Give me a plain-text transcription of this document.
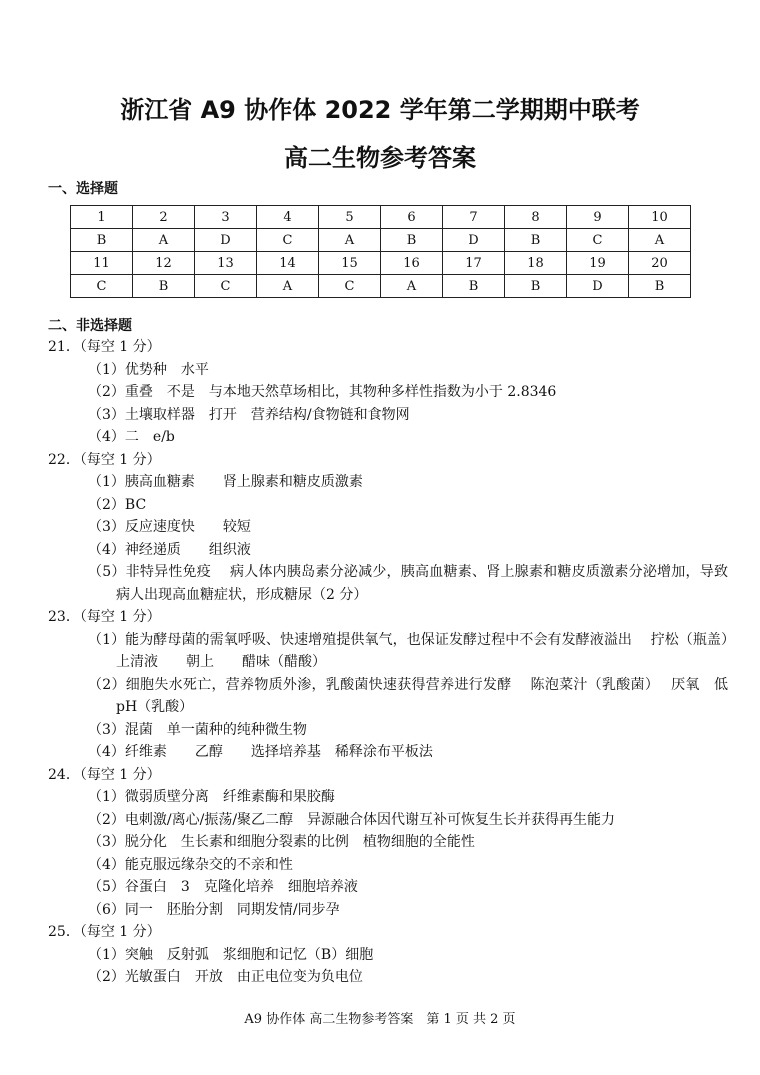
浙江省 A9 协作体 2022 学年第二学期期中联考
高二生物参考答案
一、选择题
1	2	3	4	5	6	7	8	9	10
B	A	D	C	A	B	D	B	C	A
11	12	13	14	15	16	17	18	19	20
C	B	C	A	C	A	B	B	D	B
二、非选择题
21．（每空 1 分）
（1）优势种　水平
（2）重叠　不是　与本地天然草场相比，其物种多样性指数为小于 2.8346
（3）土壤取样器　打开　营养结构/食物链和食物网
（4）二　e/b
22．（每空 1 分）
（1）胰高血糖素　　肾上腺素和糖皮质激素
（2）BC
（3）反应速度快　　较短
（4）神经递质　　组织液
（5）非特异性免疫　 病人体内胰岛素分泌减少，胰高血糖素、肾上腺素和糖皮质激素分泌增加，导致病人出现高血糖症状，形成糖尿（2 分）
23．（每空 1 分）
（1）能为酵母菌的需氧呼吸、快速增殖提供氧气，也保证发酵过程中不会有发酵液溢出　 拧松（瓶盖）　上清液　　朝上　　醋味（醋酸）
（2）细胞失水死亡，营养物质外渗，乳酸菌快速获得营养进行发酵　 陈泡菜汁（乳酸菌）　 厌氧　低 pH（乳酸）
（3）混菌　单一菌种的纯种微生物
（4）纤维素　　乙醇　　选择培养基　稀释涂布平板法
24．（每空 1 分）
（1）微弱质壁分离　纤维素酶和果胶酶
（2）电刺激/离心/振荡/聚乙二醇　异源融合体因代谢互补可恢复生长并获得再生能力
（3）脱分化　生长素和细胞分裂素的比例　植物细胞的全能性
（4）能克服远缘杂交的不亲和性
（5）谷蛋白　3　克隆化培养　细胞培养液
（6）同一　胚胎分割　同期发情/同步孕
25．（每空 1 分）
（1）突触　反射弧　浆细胞和记忆（B）细胞
（2）光敏蛋白　开放　由正电位变为负电位
A9 协作体 高二生物参考答案　第 1 页 共 2 页
